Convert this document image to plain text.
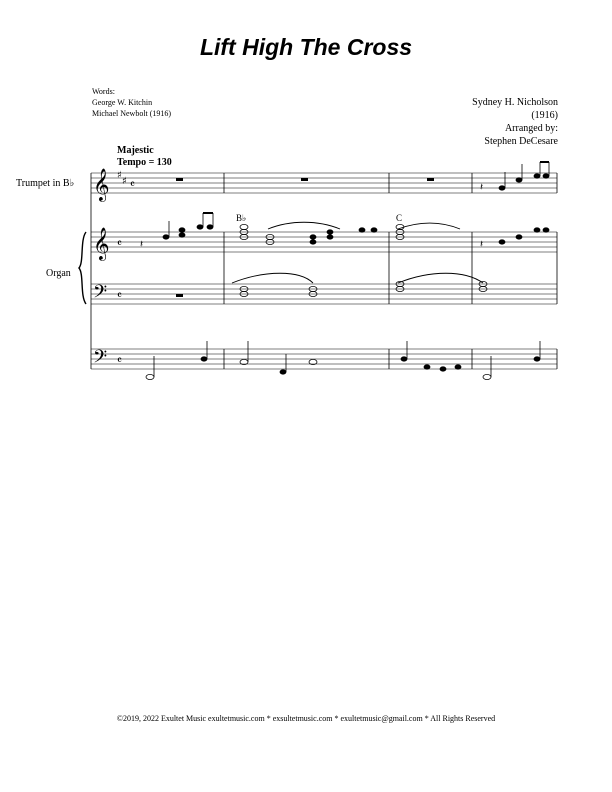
Lift High The Cross
Words:
George W. Kitchin
Michael Newbolt (1916)
Sydney H. Nicholson
(1916)
Arranged by:
Stephen DeCesare
Majestic
Tempo = 130
Trumpet in B♭
Organ
𝄞 ♯
♯ 𝄴
𝄞 𝄴
𝄢 𝄴
𝄢 𝄴
𝄽
𝄽
𝄽
B♭	C
©2019, 2022 Exultet Music exultetmusic.com * exsultetmusic.com * exultetmusic@gmail.com * All Rights Reserved
